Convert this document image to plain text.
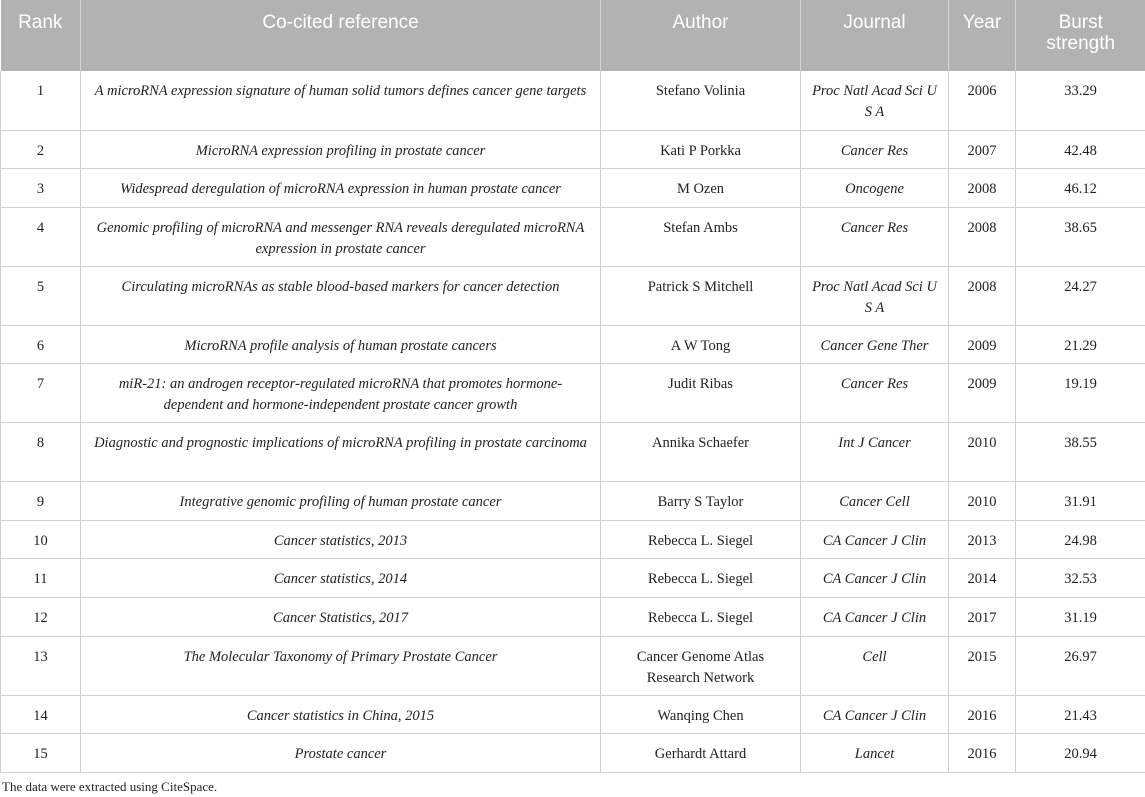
Rank	Co-cited reference	Author	Journal	Year	Burst strength

1	A microRNA expression signature of human solid tumors defines cancer gene targets	Stefano Volinia	Proc Natl Acad Sci U S A	2006	33.29
2	MicroRNA expression profiling in prostate cancer	Kati P Porkka	Cancer Res	2007	42.48
3	Widespread deregulation of microRNA expression in human prostate cancer	M Ozen	Oncogene	2008	46.12
4	Genomic profiling of microRNA and messenger RNA reveals deregulated microRNA expression in prostate cancer	Stefan Ambs	Cancer Res	2008	38.65
5	Circulating microRNAs as stable blood-based markers for cancer detection	Patrick S Mitchell	Proc Natl Acad Sci U S A	2008	24.27
6	MicroRNA profile analysis of human prostate cancers	A W Tong	Cancer Gene Ther	2009	21.29
7	miR-21: an androgen receptor-regulated microRNA that promotes hormone-dependent and hormone-independent prostate cancer growth	Judit Ribas	Cancer Res	2009	19.19
8	Diagnostic and prognostic implications of microRNA profiling in prostate carcinoma	Annika Schaefer	Int J Cancer	2010	38.55
9	Integrative genomic profiling of human prostate cancer	Barry S Taylor	Cancer Cell	2010	31.91
10	Cancer statistics, 2013	Rebecca L. Siegel	CA Cancer J Clin	2013	24.98
11	Cancer statistics, 2014	Rebecca L. Siegel	CA Cancer J Clin	2014	32.53
12	Cancer Statistics, 2017	Rebecca L. Siegel	CA Cancer J Clin	2017	31.19
13	The Molecular Taxonomy of Primary Prostate Cancer	Cancer Genome Atlas Research Network	Cell	2015	26.97
14	Cancer statistics in China, 2015	Wanqing Chen	CA Cancer J Clin	2016	21.43
15	Prostate cancer	Gerhardt Attard	Lancet	2016	20.94
The data were extracted using CiteSpace.
